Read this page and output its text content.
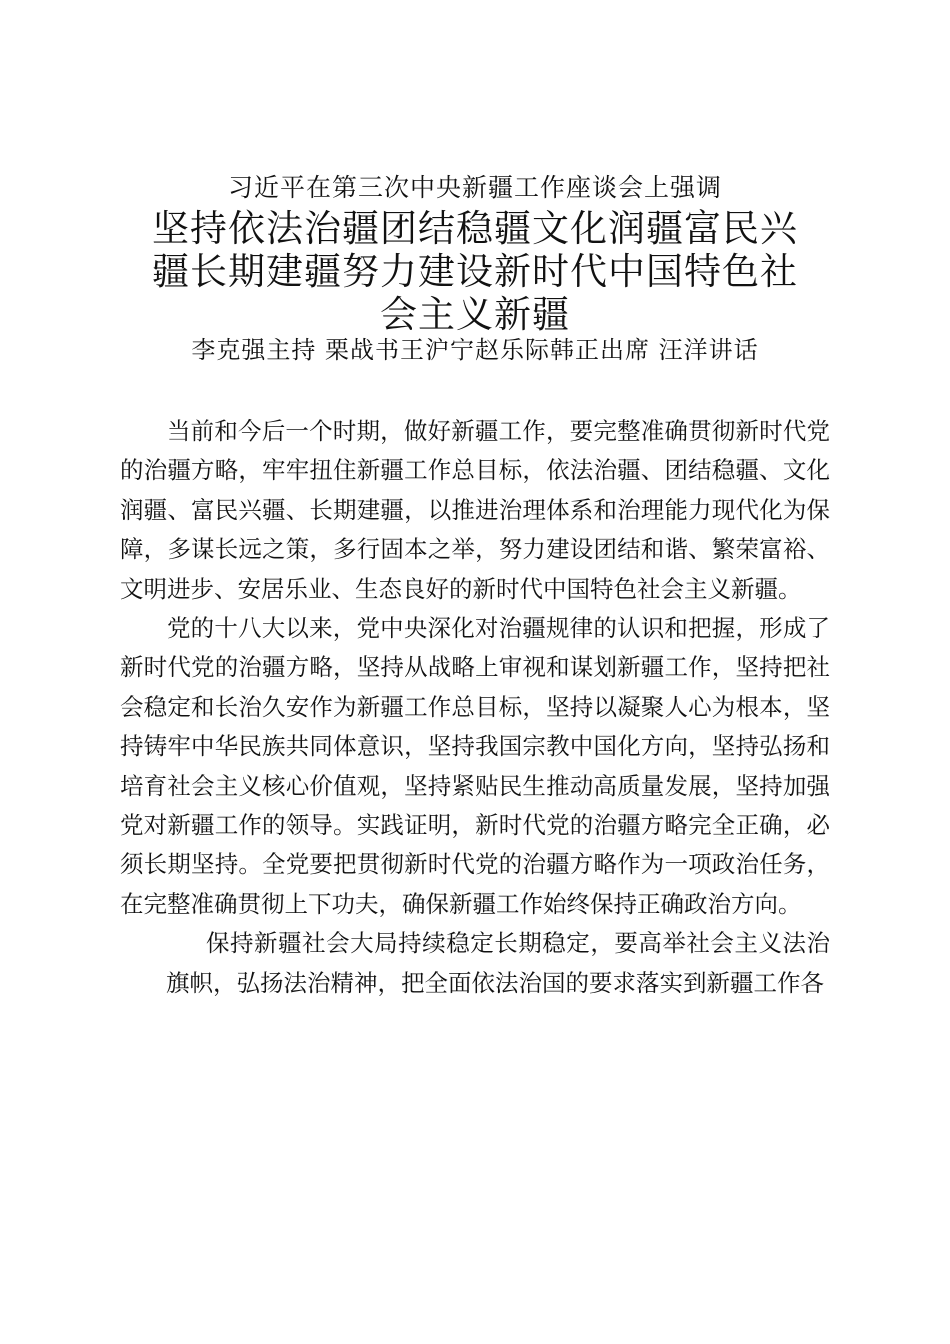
习近平在第三次中央新疆工作座谈会上强调
坚持依法治疆团结稳疆文化润疆富民兴疆长期建疆努力建设新时代中国特色社会主义新疆
李克强主持 栗战书王沪宁赵乐际韩正出席 汪洋讲话

当前和今后一个时期，做好新疆工作，要完整准确贯彻新时代党的治疆方略，牢牢扭住新疆工作总目标，依法治疆、团结稳疆、文化润疆、富民兴疆、长期建疆，以推进治理体系和治理能力现代化为保障，多谋长远之策，多行固本之举，努力建设团结和谐、繁荣富裕、文明进步、安居乐业、生态良好的新时代中国特色社会主义新疆。

党的十八大以来，党中央深化对治疆规律的认识和把握，形成了新时代党的治疆方略，坚持从战略上审视和谋划新疆工作，坚持把社会稳定和长治久安作为新疆工作总目标，坚持以凝聚人心为根本，坚持铸牢中华民族共同体意识，坚持我国宗教中国化方向，坚持弘扬和培育社会主义核心价值观，坚持紧贴民生推动高质量发展，坚持加强党对新疆工作的领导。实践证明，新时代党的治疆方略完全正确，必须长期坚持。全党要把贯彻新时代党的治疆方略作为一项政治任务，在完整准确贯彻上下功夫，确保新疆工作始终保持正确政治方向。

保持新疆社会大局持续稳定长期稳定，要高举社会主义法治旗帜，弘扬法治精神，把全面依法治国的要求落实到新疆工作各
